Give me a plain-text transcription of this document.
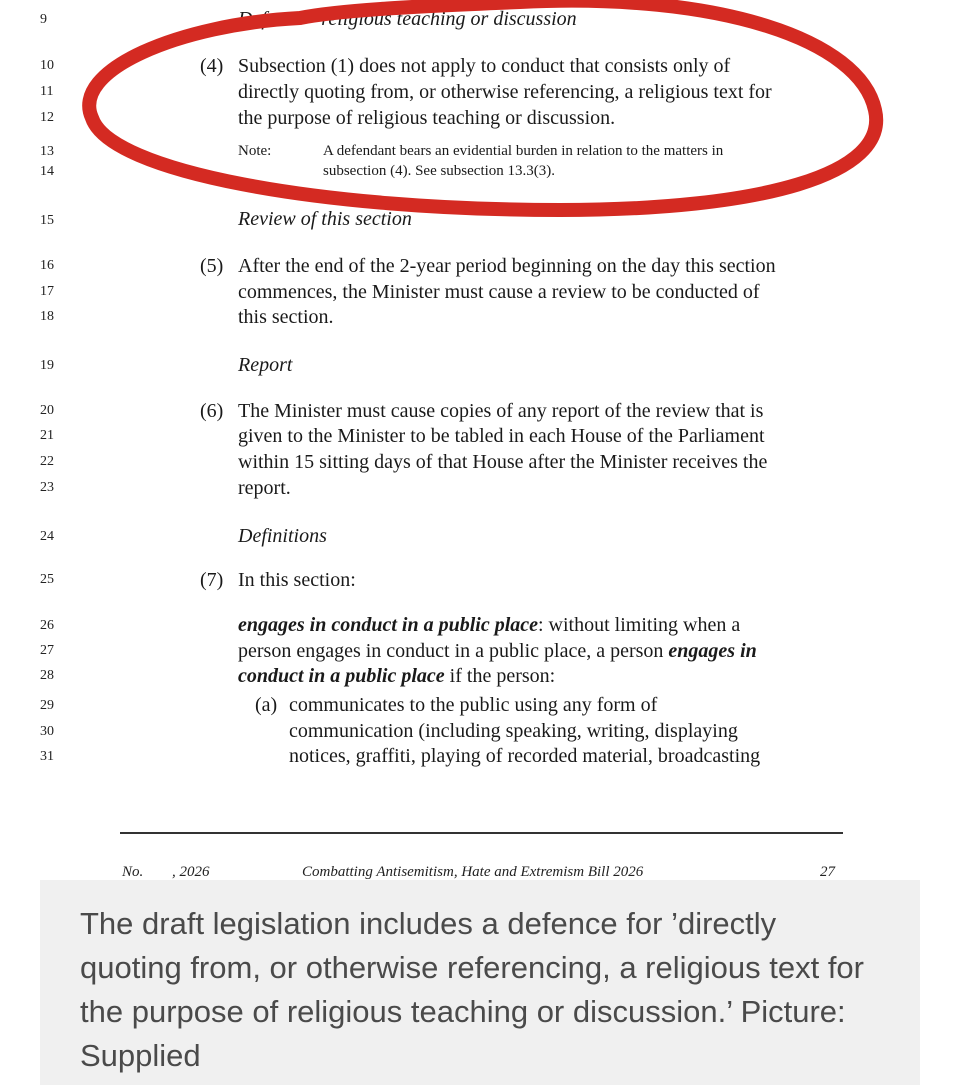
9
10
11
12
13
14
15
16
17
18
19
20
21
22
23
24
25
26
27
28
29
30
31
Defence—religious teaching or discussion
(4) Subsection (1) does not apply to conduct that consists only of
directly quoting from, or otherwise referencing, a religious text for
the purpose of religious teaching or discussion.
Note:	A defendant bears an evidential burden in relation to the matters in
subsection (4). See subsection 13.3(3).
Review of this section
(5) After the end of the 2-year period beginning on the day this section
commences, the Minister must cause a review to be conducted of
this section.
Report
(6) The Minister must cause copies of any report of the review that is
given to the Minister to be tabled in each House of the Parliament
within 15 sitting days of that House after the Minister receives the
report.
Definitions
(7) In this section:
engages in conduct in a public place: without limiting when a
person engages in conduct in a public place, a person engages in
conduct in a public place if the person:
(a) communicates to the public using any form of
communication (including speaking, writing, displaying
notices, graffiti, playing of recorded material, broadcasting
No. , 2026	Combatting Antisemitism, Hate and Extremism Bill 2026	27
The draft legislation includes a defence for ’directly quoting from, or otherwise referencing, a religious text for the purpose of religious teaching or discussion.’ Picture: Supplied
